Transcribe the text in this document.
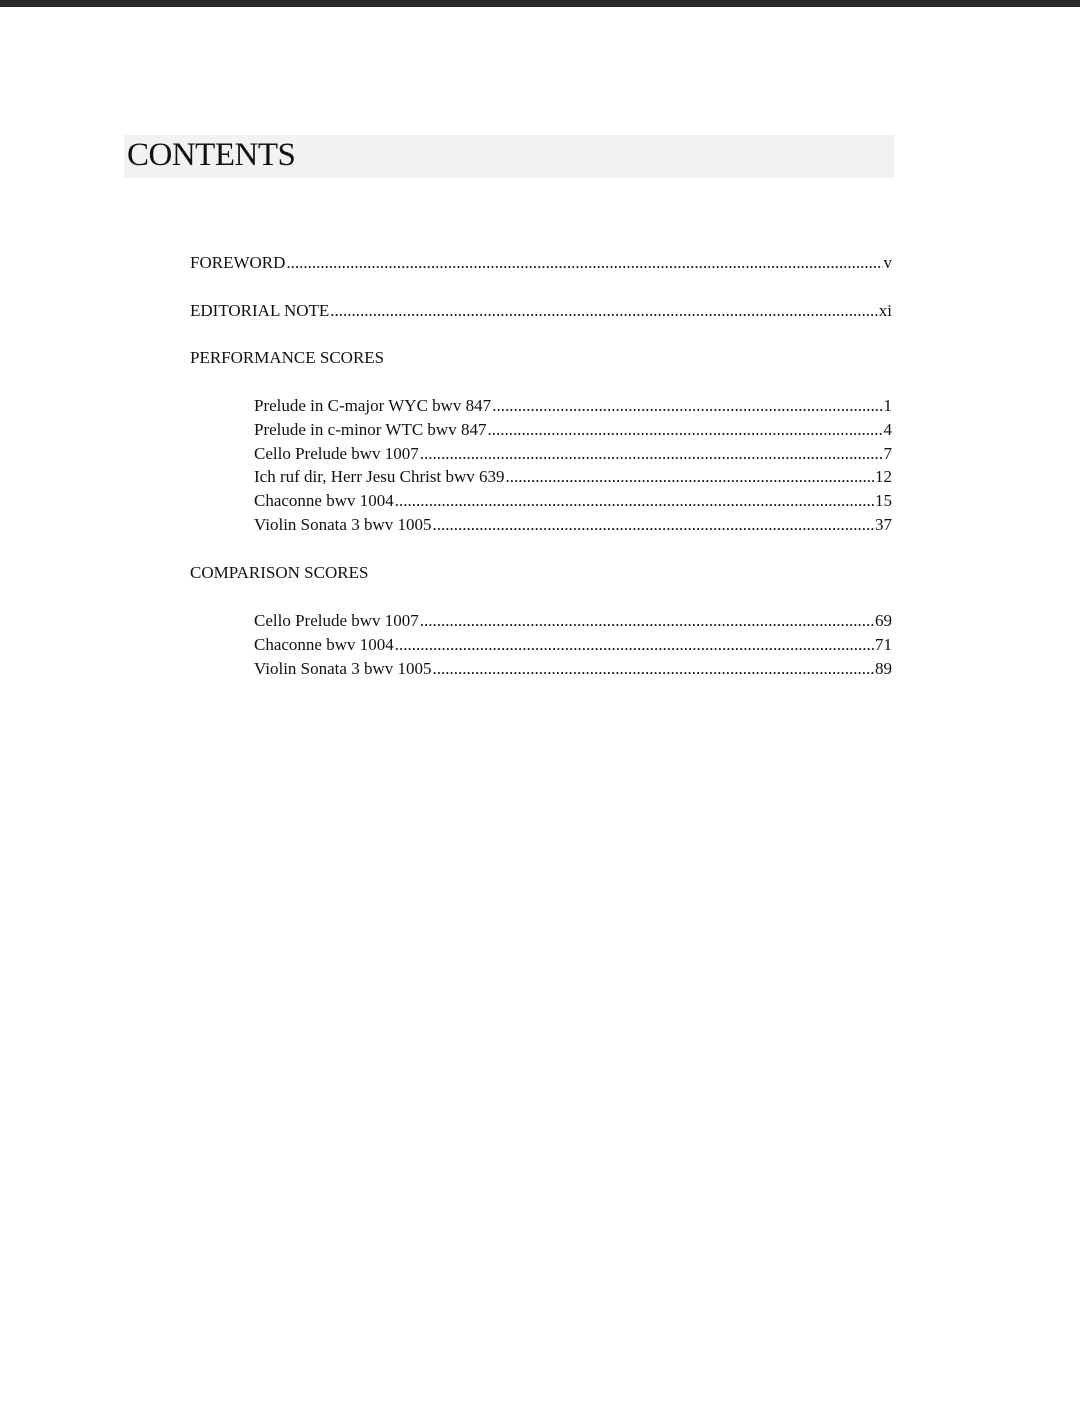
CONTENTS
FOREWORD .....	v
EDITORIAL NOTE .....	xi
PERFORMANCE SCORES
Prelude in C-major WYC bwv 847 .....	1
Prelude in c-minor WTC bwv 847 .....	4
Cello Prelude bwv 1007 .....	7
Ich ruf dir, Herr Jesu Christ bwv 639 .....	12
Chaconne bwv 1004 .....	15
Violin Sonata 3 bwv 1005 .....	37
COMPARISON SCORES
Cello Prelude bwv 1007 .....	69
Chaconne bwv 1004 .....	71
Violin Sonata 3 bwv 1005 .....	89
